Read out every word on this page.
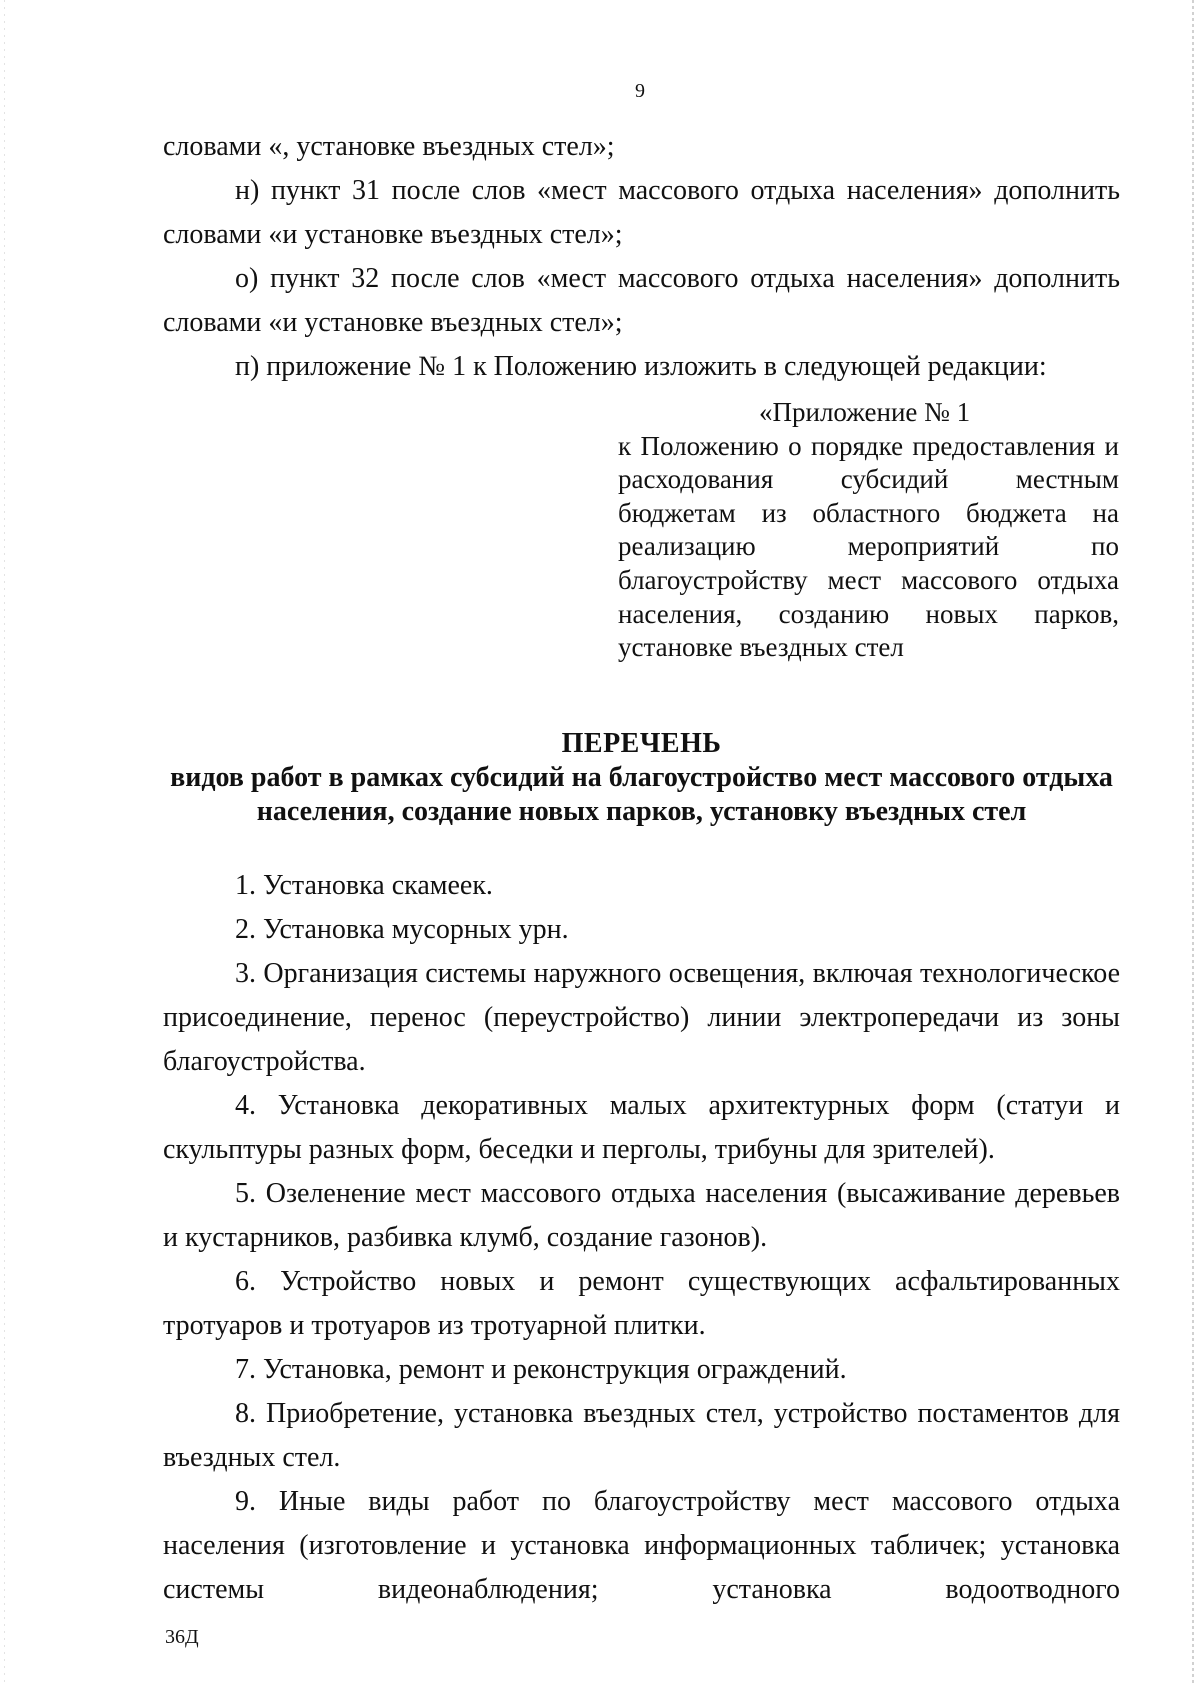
9

словами «, установке въездных стел»;

н) пункт 31 после слов «мест массового отдыха населения» дополнить словами «и установке въездных стел»;

о) пункт 32 после слов «мест массового отдыха населения» дополнить словами «и установке въездных стел»;

п) приложение № 1 к Положению изложить в следующей редакции:

«Приложение № 1
к Положению о порядке предоставления и расходования субсидий местным бюджетам из областного бюджета на реализацию мероприятий по благоустройству мест массового отдыха населения, созданию новых парков, установке въездных стел
ПЕРЕЧЕНЬ
видов работ в рамках субсидий на благоустройство мест массового отдыха населения, создание новых парков, установку въездных стел

1. Установка скамеек.

2. Установка мусорных урн.

3. Организация системы наружного освещения, включая технологическое присоединение, перенос (переустройство) линии электропередачи из зоны благоустройства.

4. Установка декоративных малых архитектурных форм (статуи и скульптуры разных форм, беседки и перголы, трибуны для зрителей).

5. Озеленение мест массового отдыха населения (высаживание деревьев и кустарников, разбивка клумб, создание газонов).

6. Устройство новых и ремонт существующих асфальтированных тротуаров и тротуаров из тротуарной плитки.

7. Установка, ремонт и реконструкция ограждений.

8. Приобретение, установка въездных стел, устройство постаментов для въездных стел.

9. Иные виды работ по благоустройству мест массового отдыха населения (изготовление и установка информационных табличек; установка системы видеонаблюдения; установка водоотводного

36Д
